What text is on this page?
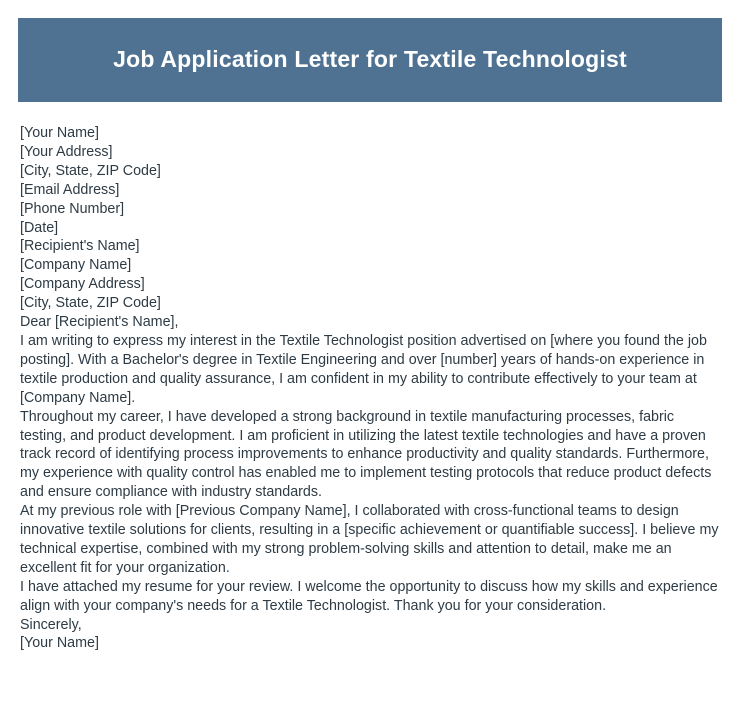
Job Application Letter for Textile Technologist
[Your Name]
[Your Address]
[City, State, ZIP Code]
[Email Address]
[Phone Number]
[Date]
[Recipient's Name]
[Company Name]
[Company Address]
[City, State, ZIP Code]
Dear [Recipient's Name],

I am writing to express my interest in the Textile Technologist position advertised on [where you found the job posting]. With a Bachelor's degree in Textile Engineering and over [number] years of hands-on experience in textile production and quality assurance, I am confident in my ability to contribute effectively to your team at [Company Name].

Throughout my career, I have developed a strong background in textile manufacturing processes, fabric testing, and product development. I am proficient in utilizing the latest textile technologies and have a proven track record of identifying process improvements to enhance productivity and quality standards. Furthermore, my experience with quality control has enabled me to implement testing protocols that reduce product defects and ensure compliance with industry standards.

At my previous role with [Previous Company Name], I collaborated with cross-functional teams to design innovative textile solutions for clients, resulting in a [specific achievement or quantifiable success]. I believe my technical expertise, combined with my strong problem-solving skills and attention to detail, make me an excellent fit for your organization.

I have attached my resume for your review. I welcome the opportunity to discuss how my skills and experience align with your company's needs for a Textile Technologist. Thank you for your consideration.

Sincerely,
[Your Name]
